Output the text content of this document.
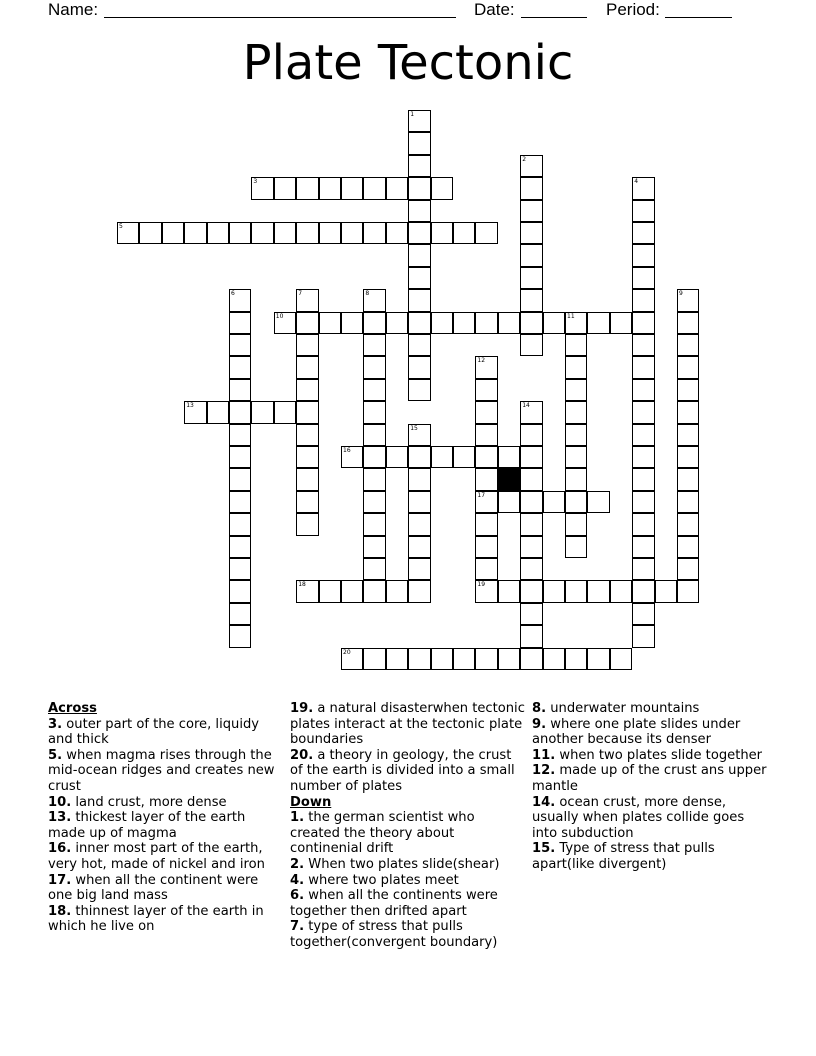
Name:	Date:	Period:
Plate Tectonic
1
2
3	4
5
6	7	8	9
10	11
12
17
19
13	14
15
16
18
20
Across
3. outer part of the core, liquidy and thick
5. when magma rises through the mid-ocean ridges and creates new crust
10. land crust, more dense
13. thickest layer of the earth made up of magma
16. inner most part of the earth, very hot, made of nickel and iron
17. when all the continent were one big land mass
18. thinnest layer of the earth in which he live on
19. a natural disasterwhen tectonic plates interact at the tectonic plate boundaries
20. a theory in geology, the crust of the earth is divided into a small number of plates
Down
1. the german scientist who created the theory about continenial drift
2. When two plates slide(shear)
4. where two plates meet
6. when all the continents were together then drifted apart
7. type of stress that pulls together(convergent boundary)
8. underwater mountains
9. where one plate slides under another because its denser
11. when two plates slide together
12. made up of the crust ans upper mantle
14. ocean crust, more dense, usually when plates collide goes into subduction
15. Type of stress that pulls apart(like divergent)
